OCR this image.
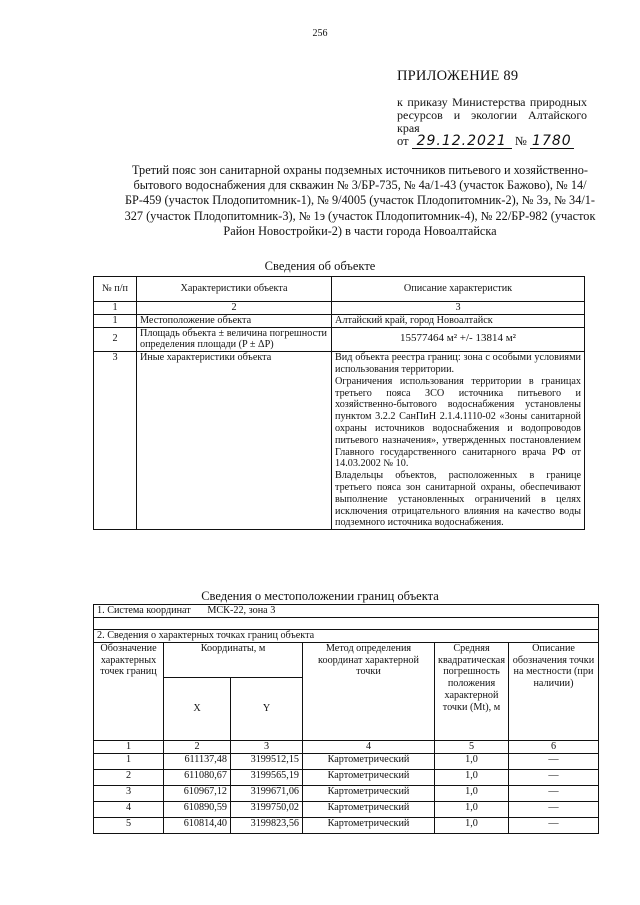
256
ПРИЛОЖЕНИЕ 89
к приказу Министерства природных ресурсов и экологии Алтайского края
от 29.12.2021 № 1780
Третий пояс зон санитарной охраны подземных источников питьевого и хозяйственно-бытового водоснабжения для скважин № 3/БР-735, № 4а/1-43 (участок Бажово), № 14/БР-459 (участок Плодопитомник-1), № 9/4005 (участок Плодопитомник-2), № 3э, № 34/1-327 (участок Плодопитомник-3), № 1э (участок Плодопитомник-4), № 22/БР-982 (участок Район Новостройки-2) в части города Новоалтайска
Сведения об объекте
№ п/п	Характеристики объекта	Описание характеристик
1	2	3
1	Местоположение объекта	Алтайский край, город Новоалтайск
2	Площадь объекта ± величина погрешности определения площади (P ± ΔP)	15577464 м² +/- 13814 м²
3	Иные характеристики объекта	Вид объекта реестра границ: зона с особыми условиями использования территории.
Ограничения использования территории в границах третьего пояса ЗСО источника питьевого и хозяйственно-бытового водоснабжения установлены пунктом 3.2.2 СанПиН 2.1.4.1110-02 «Зоны санитарной охраны источников водоснабжения и водопроводов питьевого назначения», утвержденных постановлением Главного государственного санитарного врача РФ от 14.03.2002 № 10.
Владельцы объектов, расположенных в границе третьего пояса зон санитарной охраны, обеспечивают выполнение установленных ограничений в целях исключения отрицательного влияния на качество воды подземного источника водоснабжения.
Сведения о местоположении границ объекта
1. Система координат МСК-22, зона 3					

2. Сведения о характерных точках границ объекта					
Обозначение характерных точек границ	Координаты, м		Метод определения координат характерной точки	Средняя квадратическая погрешность положения характерной точки (Mt), м	Описание обозначения точки на местности (при наличии)
	X	Y			
1	2	3	4	5	6
1	611137,48	3199512,15	Картометрический	1,0	—
2	611080,67	3199565,19	Картометрический	1,0	—
3	610967,12	3199671,06	Картометрический	1,0	—
4	610890,59	3199750,02	Картометрический	1,0	—
5	610814,40	3199823,56	Картометрический	1,0	—
